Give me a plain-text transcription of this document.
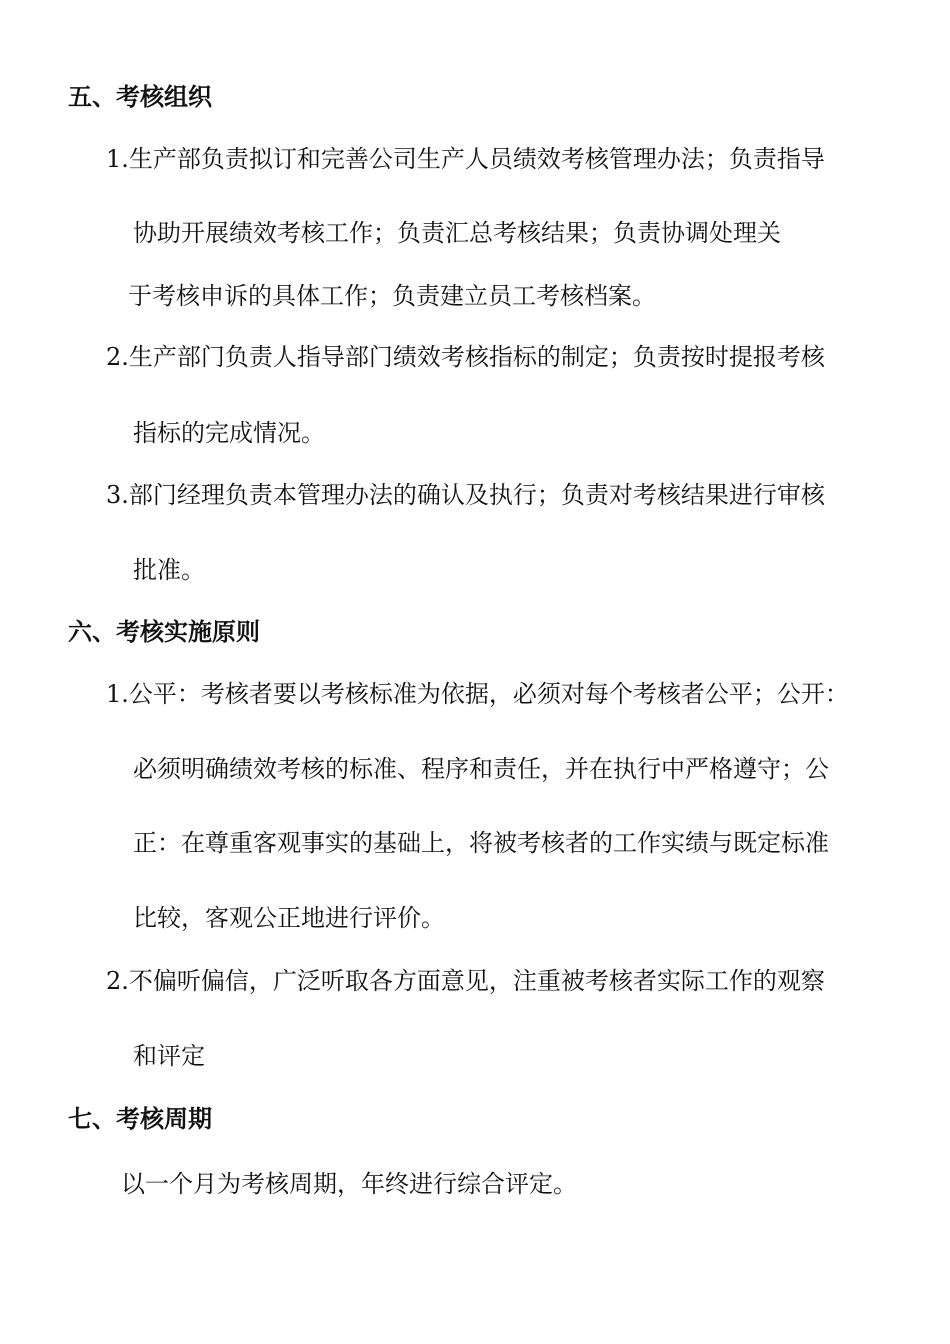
五、考核组织
1.生产部负责拟订和完善公司生产人员绩效考核管理办法；负责指导
协助开展绩效考核工作；负责汇总考核结果；负责协调处理关
于考核申诉的具体工作；负责建立员工考核档案。
2.生产部门负责人指导部门绩效考核指标的制定；负责按时提报考核
指标的完成情况。
3.部门经理负责本管理办法的确认及执行；负责对考核结果进行审核
批准。
六、考核实施原则
1.公平：考核者要以考核标准为依据，必须对每个考核者公平；公开：
必须明确绩效考核的标准、程序和责任，并在执行中严格遵守；公
正：在尊重客观事实的基础上，将被考核者的工作实绩与既定标准
比较，客观公正地进行评价。
2.不偏听偏信，广泛听取各方面意见，注重被考核者实际工作的观察
和评定
七、考核周期
以一个月为考核周期，年终进行综合评定。
